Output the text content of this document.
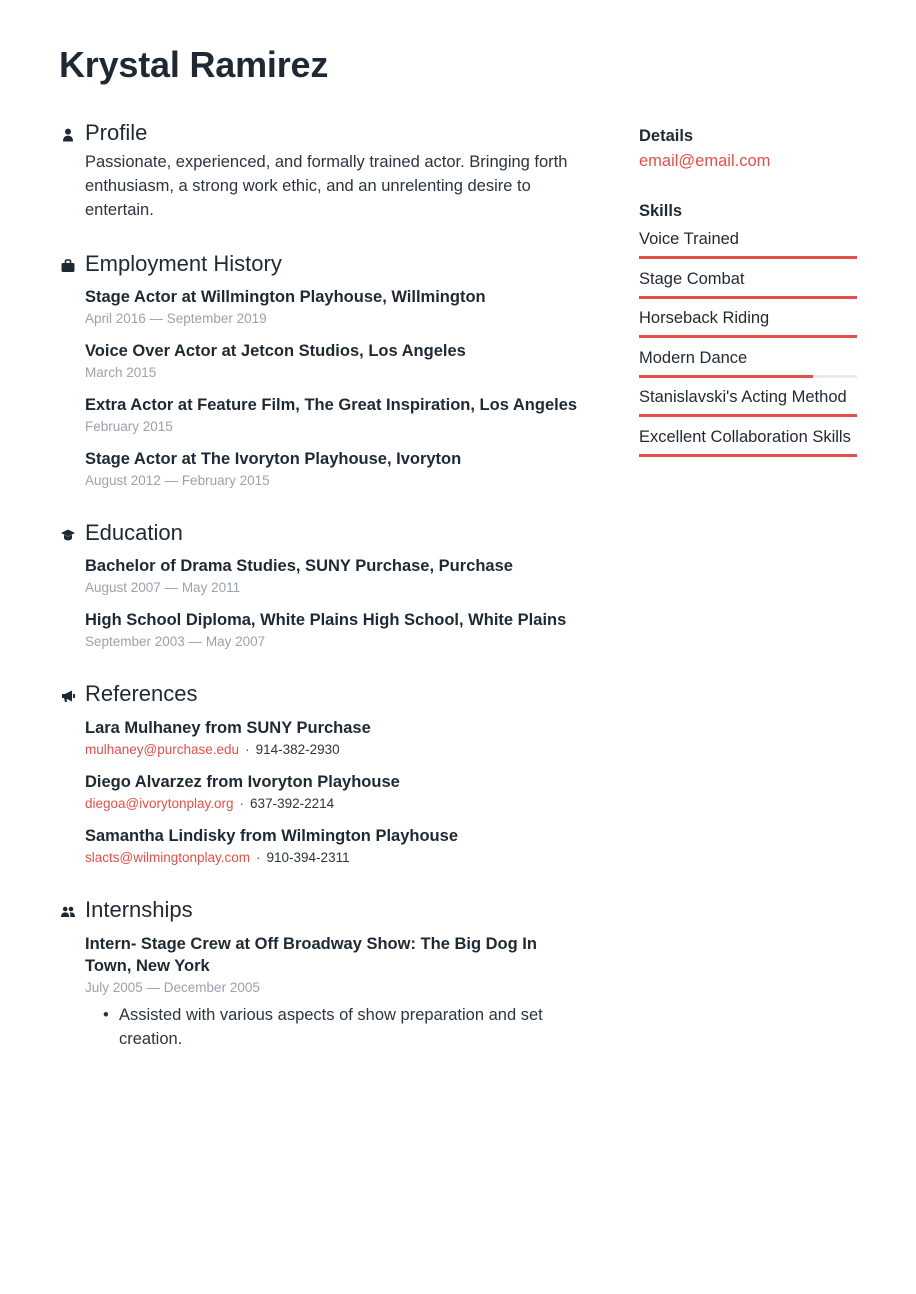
Krystal Ramirez
Profile
Passionate, experienced, and formally trained actor. Bringing forth enthusiasm, a strong work ethic, and an unrelenting desire to entertain.
Employment History
Stage Actor at Willmington Playhouse, Willmington
April 2016 — September 2019
Voice Over Actor at Jetcon Studios, Los Angeles
March 2015
Extra Actor at Feature Film, The Great Inspiration, Los Angeles
February 2015
Stage Actor at The Ivoryton Playhouse, Ivoryton
August 2012 — February 2015
Education
Bachelor of Drama Studies, SUNY Purchase, Purchase
August 2007 — May 2011
High School Diploma, White Plains High School, White Plains
September 2003 — May 2007
References
Lara Mulhaney from SUNY Purchase
mulhaney@purchase.edu · 914-382-2930
Diego Alvarzez from Ivoryton Playhouse
diegoa@ivorytonplay.org · 637-392-2214
Samantha Lindisky from Wilmington Playhouse
slacts@wilmingtonplay.com · 910-394-2311
Internships
Intern- Stage Crew at Off Broadway Show: The Big Dog In Town, New York
July 2005 — December 2005
• Assisted with various aspects of show preparation and set creation.
Details
email@email.com
Skills
Voice Trained
Stage Combat
Horseback Riding
Modern Dance
Stanislavski's Acting Method
Excellent Collaboration Skills
